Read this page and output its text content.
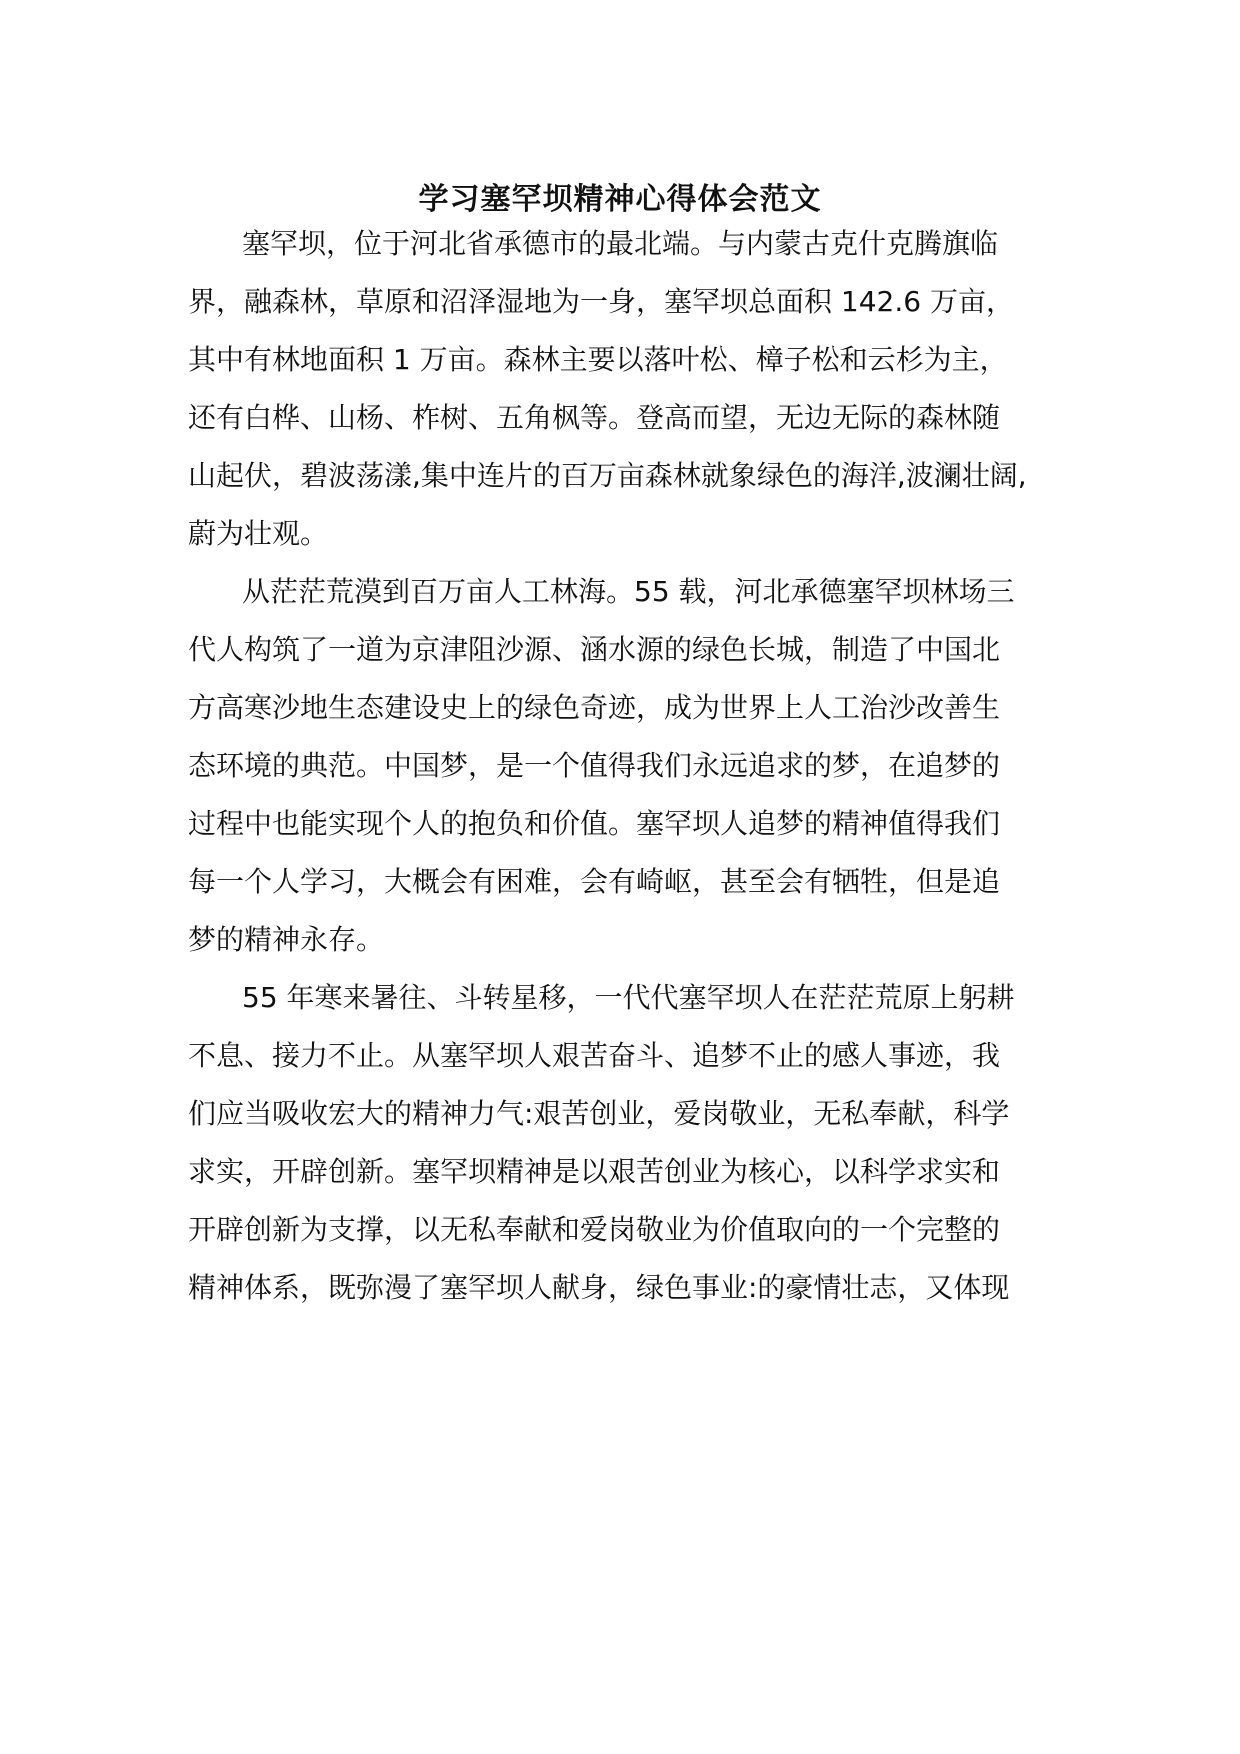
学习塞罕坝精神心得体会范文
塞罕坝，位于河北省承德市的最北端。与内蒙古克什克腾旗临
界，融森林，草原和沼泽湿地为一身，塞罕坝总面积 142.6 万亩，
其中有林地面积 1 万亩。森林主要以落叶松、樟子松和云杉为主，
还有白桦、山杨、柞树、五角枫等。登高而望，无边无际的森林随
山起伏，碧波荡漾,集中连片的百万亩森林就象绿色的海洋,波澜壮阔,
蔚为壮观。
从茫茫荒漠到百万亩人工林海。55 载，河北承德塞罕坝林场三
代人构筑了一道为京津阻沙源、涵水源的绿色长城，制造了中国北
方高寒沙地生态建设史上的绿色奇迹，成为世界上人工治沙改善生
态环境的典范。中国梦，是一个值得我们永远追求的梦，在追梦的
过程中也能实现个人的抱负和价值。塞罕坝人追梦的精神值得我们
每一个人学习，大概会有困难，会有崎岖，甚至会有牺牲，但是追
梦的精神永存。
55 年寒来暑往、斗转星移，一代代塞罕坝人在茫茫荒原上躬耕
不息、接力不止。从塞罕坝人艰苦奋斗、追梦不止的感人事迹，我
们应当吸收宏大的精神力气:艰苦创业，爱岗敬业，无私奉献，科学
求实，开辟创新。塞罕坝精神是以艰苦创业为核心，以科学求实和
开辟创新为支撑，以无私奉献和爱岗敬业为价值取向的一个完整的
精神体系，既弥漫了塞罕坝人献身，绿色事业:的豪情壮志，又体现
